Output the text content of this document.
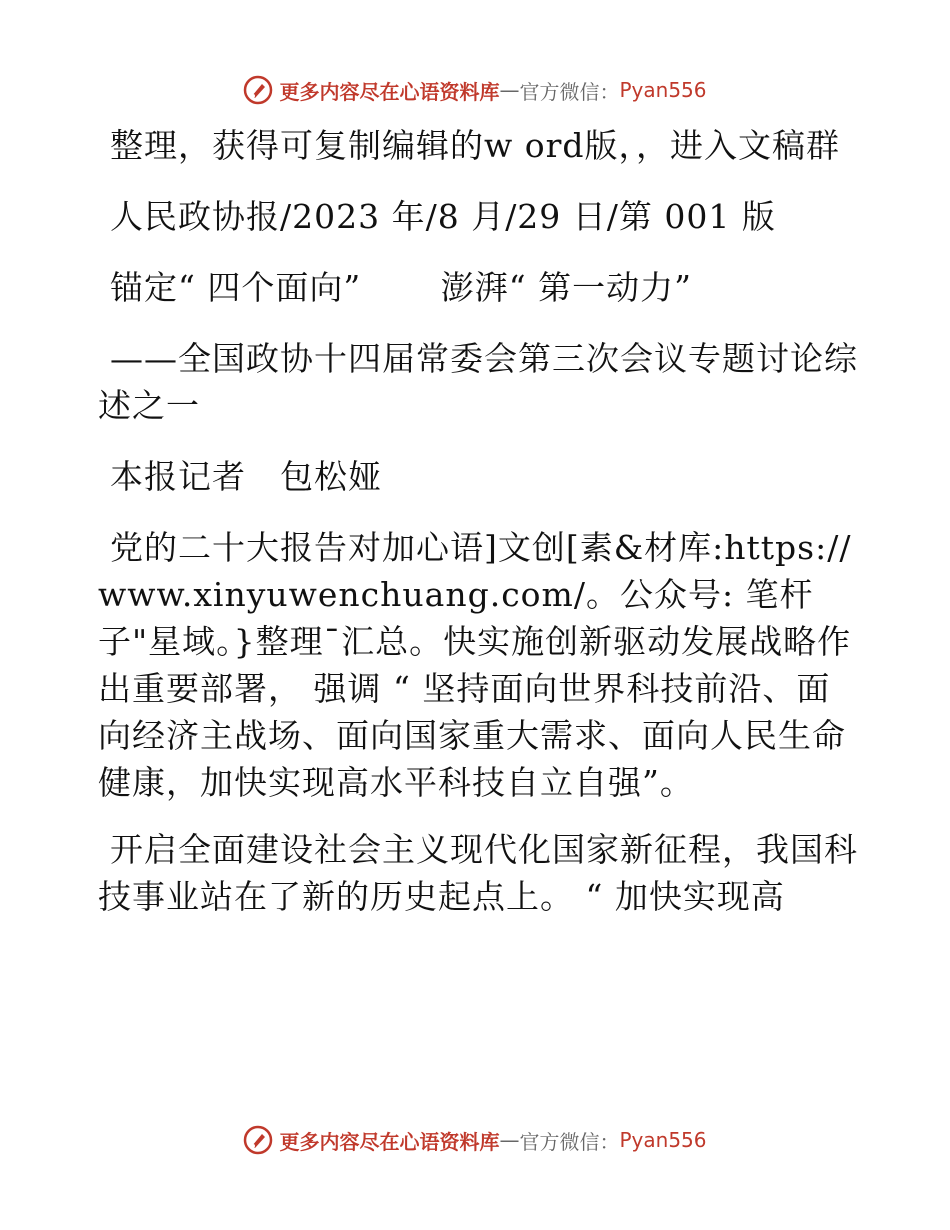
更多内容尽在心语资料库 — 官方微信： Pyan556

整理，获得可复制编辑的w ord版，，进入文稿群

人民政协报/2023 年/8 月/29 日/第 001 版

锚定“ 四个面向”　　 澎湃“ 第一动力”

——全国政协十四届常委会第三次会议专题讨论综述之一

本报记者　包松娅

党的二十大报告对加心语]文创[素&材库:https://www.xinyuwenchuang.com/。公众号: 笔杆子"星域。}整理¯汇总。快实施创新驱动发展战略作出重要部署， 强调 “ 坚持面向世界科技前沿、面向经济主战场、面向国家重大需求、面向人民生命健康，加快实现高水平科技自立自强”。

开启全面建设社会主义现代化国家新征程，我国科技事业站在了新的历史起点上。 “ 加快实现高

更多内容尽在心语资料库 — 官方微信： Pyan556
